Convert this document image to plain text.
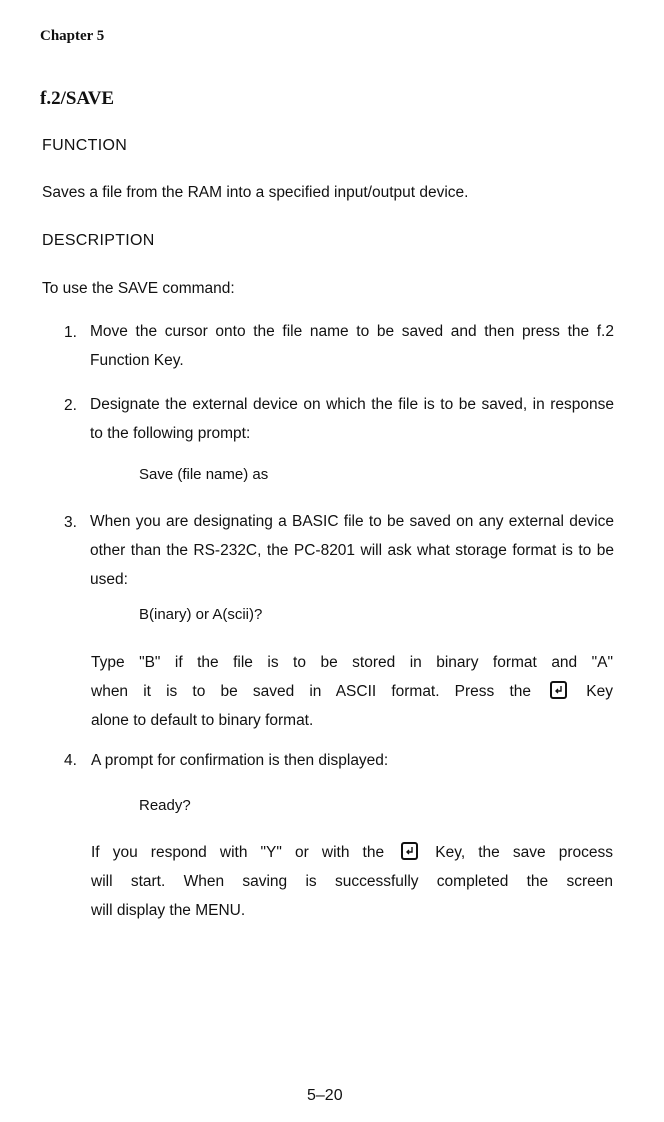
Chapter 5
f.2/SAVE
FUNCTION
Saves a file from the RAM into a specified input/output device.
DESCRIPTION
To use the SAVE command:
1. Move the cursor onto the file name to be saved and then press the f.2 Function Key.
2. Designate the external device on which the file is to be saved, in response to the following prompt:
Save (file name) as
3. When you are designating a BASIC file to be saved on any external device other than the RS-232C, the PC-8201 will ask what storage format is to be used:
B(inary) or A(scii)?
Type "B" if the file is to be stored in binary format and "A"
when it is to be saved in ASCII format. Press the	Key
alone to default to binary format.
4. A prompt for confirmation is then displayed:
Ready?
If you respond with "Y" or with the	Key, the save process
will start. When saving is successfully completed the screen
will display the MENU.
5–20
